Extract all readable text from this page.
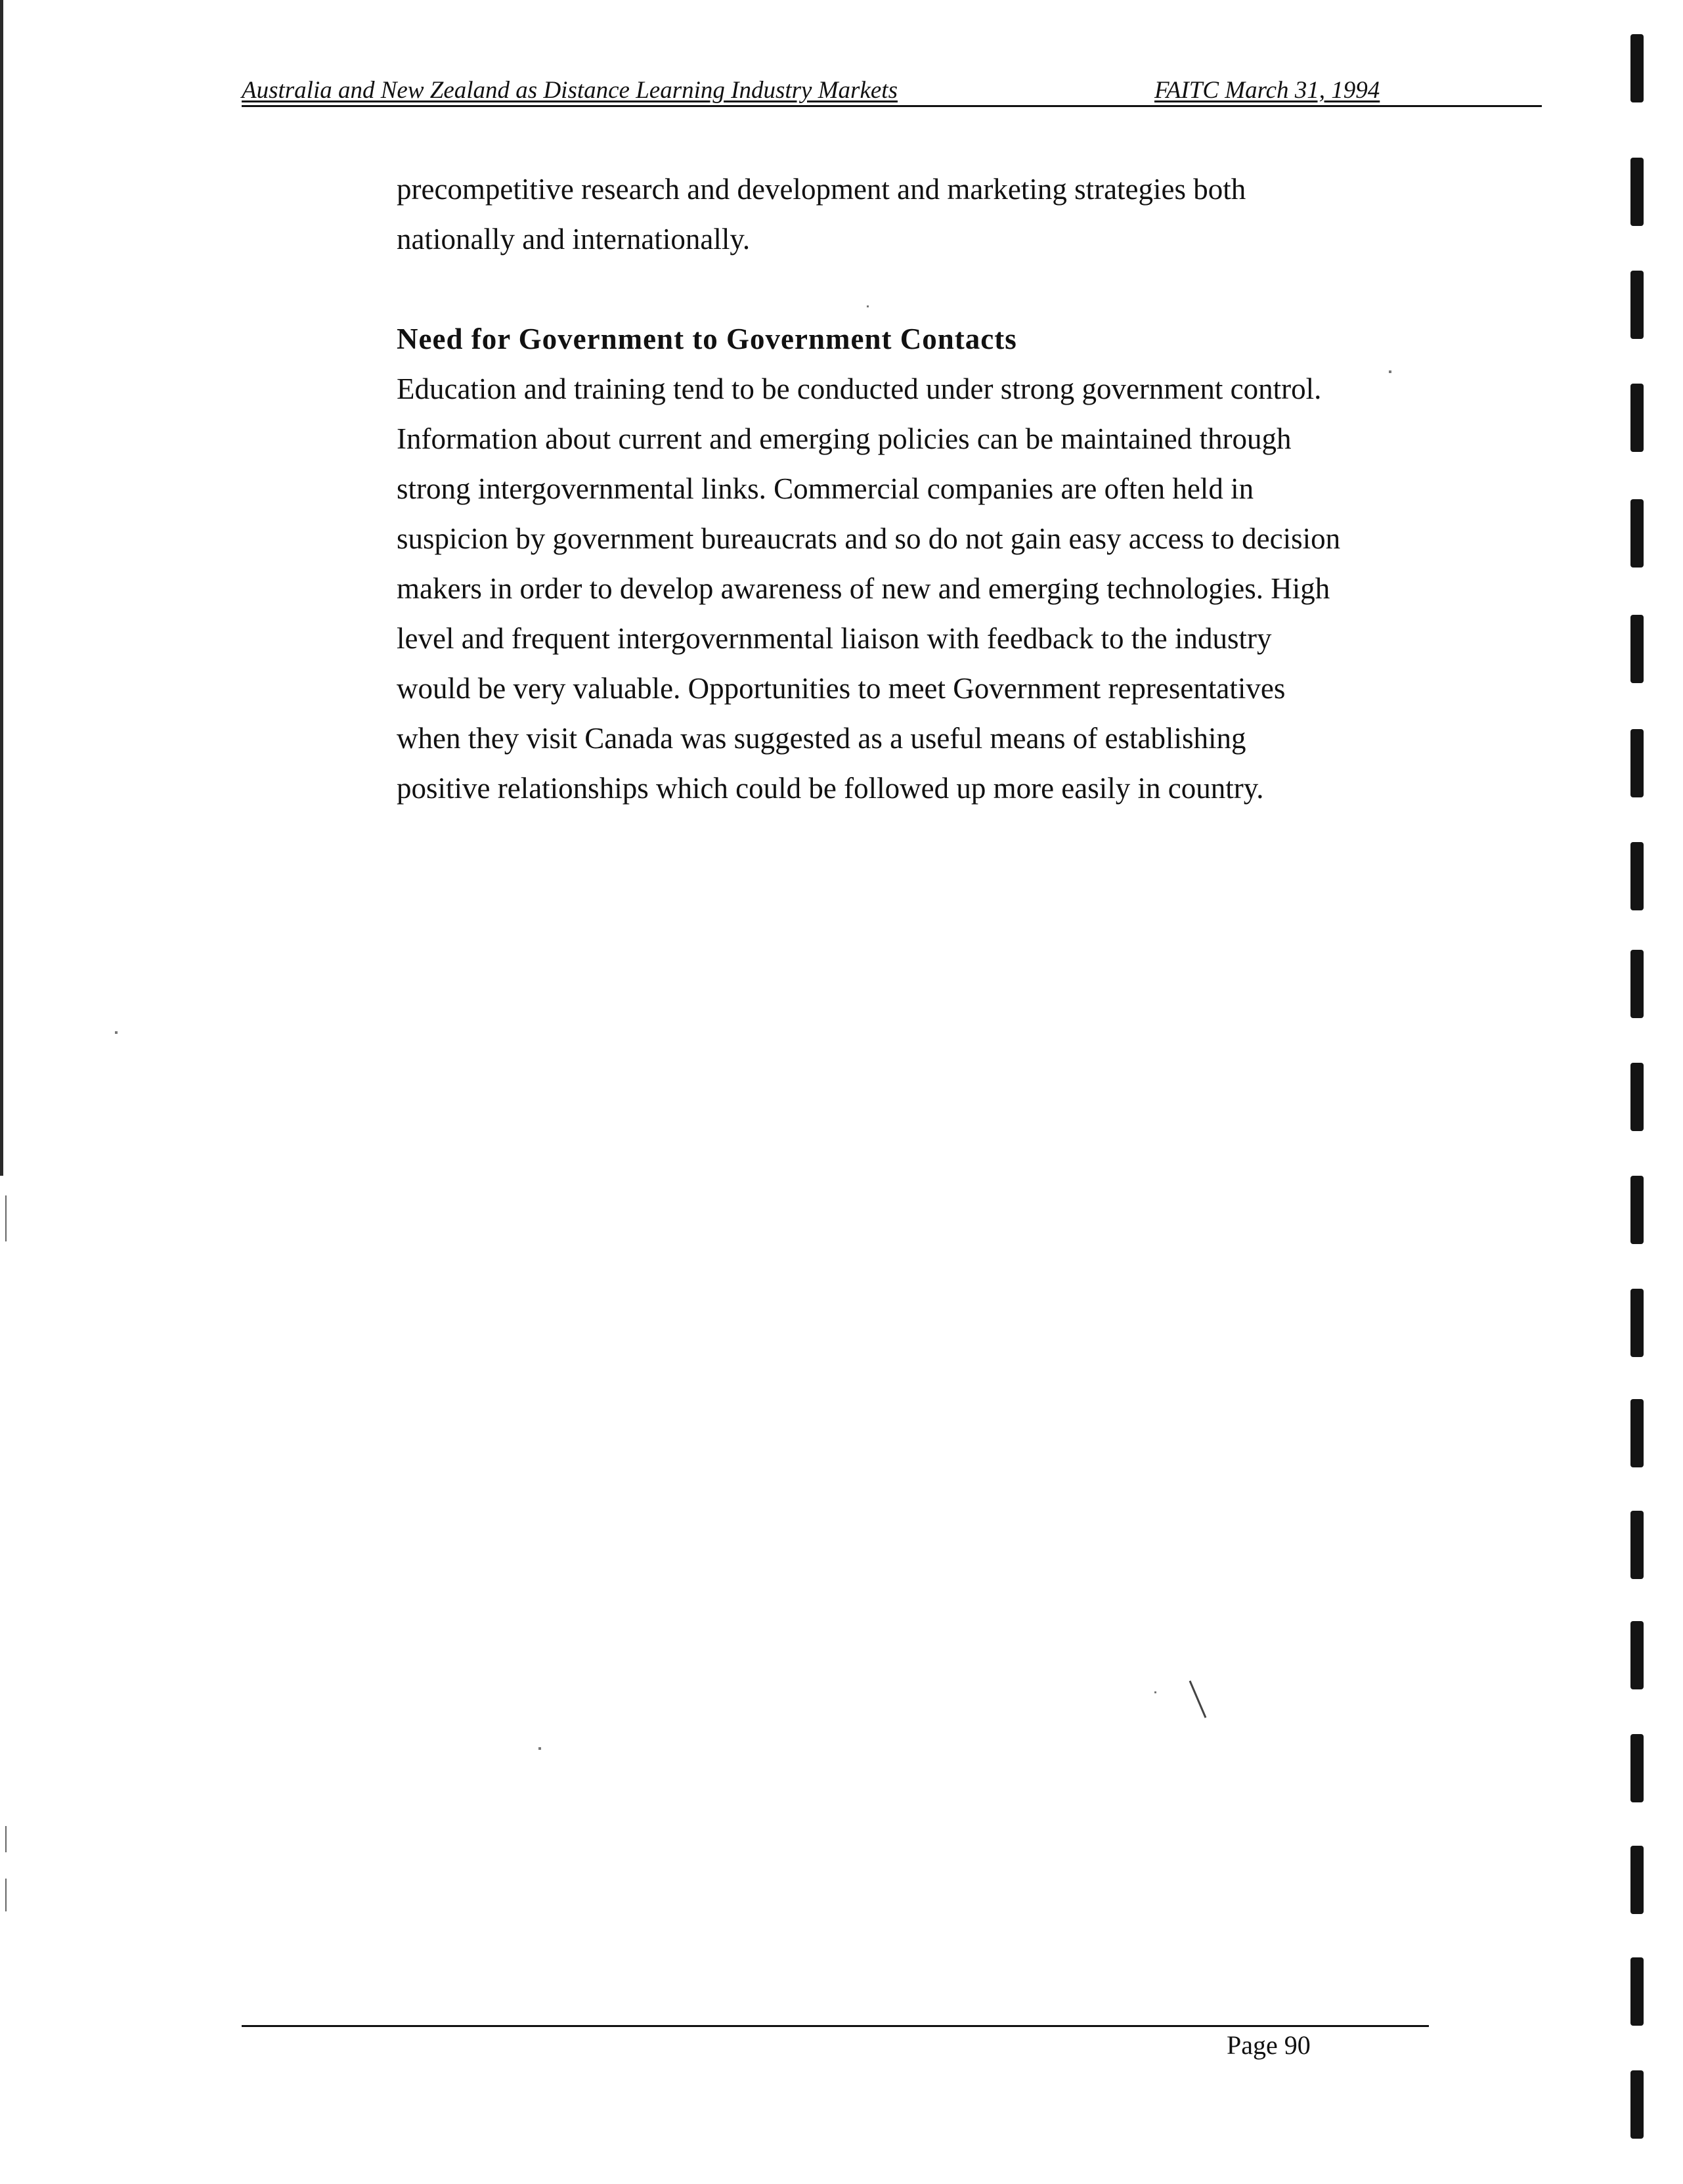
Australia and New Zealand as Distance Learning Industry Markets	FAITC March 31, 1994

precompetitive research and development and marketing strategies both
nationally and internationally.

Need for Government to Government Contacts

Education and training tend to be conducted under strong government control.
Information about current and emerging policies can be maintained through
strong intergovernmental links. Commercial companies are often held in
suspicion by government bureaucrats and so do not gain easy access to decision
makers in order to develop awareness of new and emerging technologies. High
level and frequent intergovernmental liaison with feedback to the industry
would be very valuable. Opportunities to meet Government representatives
when they visit Canada was suggested as a useful means of establishing
positive relationships which could be followed up more easily in country.

Page 90
